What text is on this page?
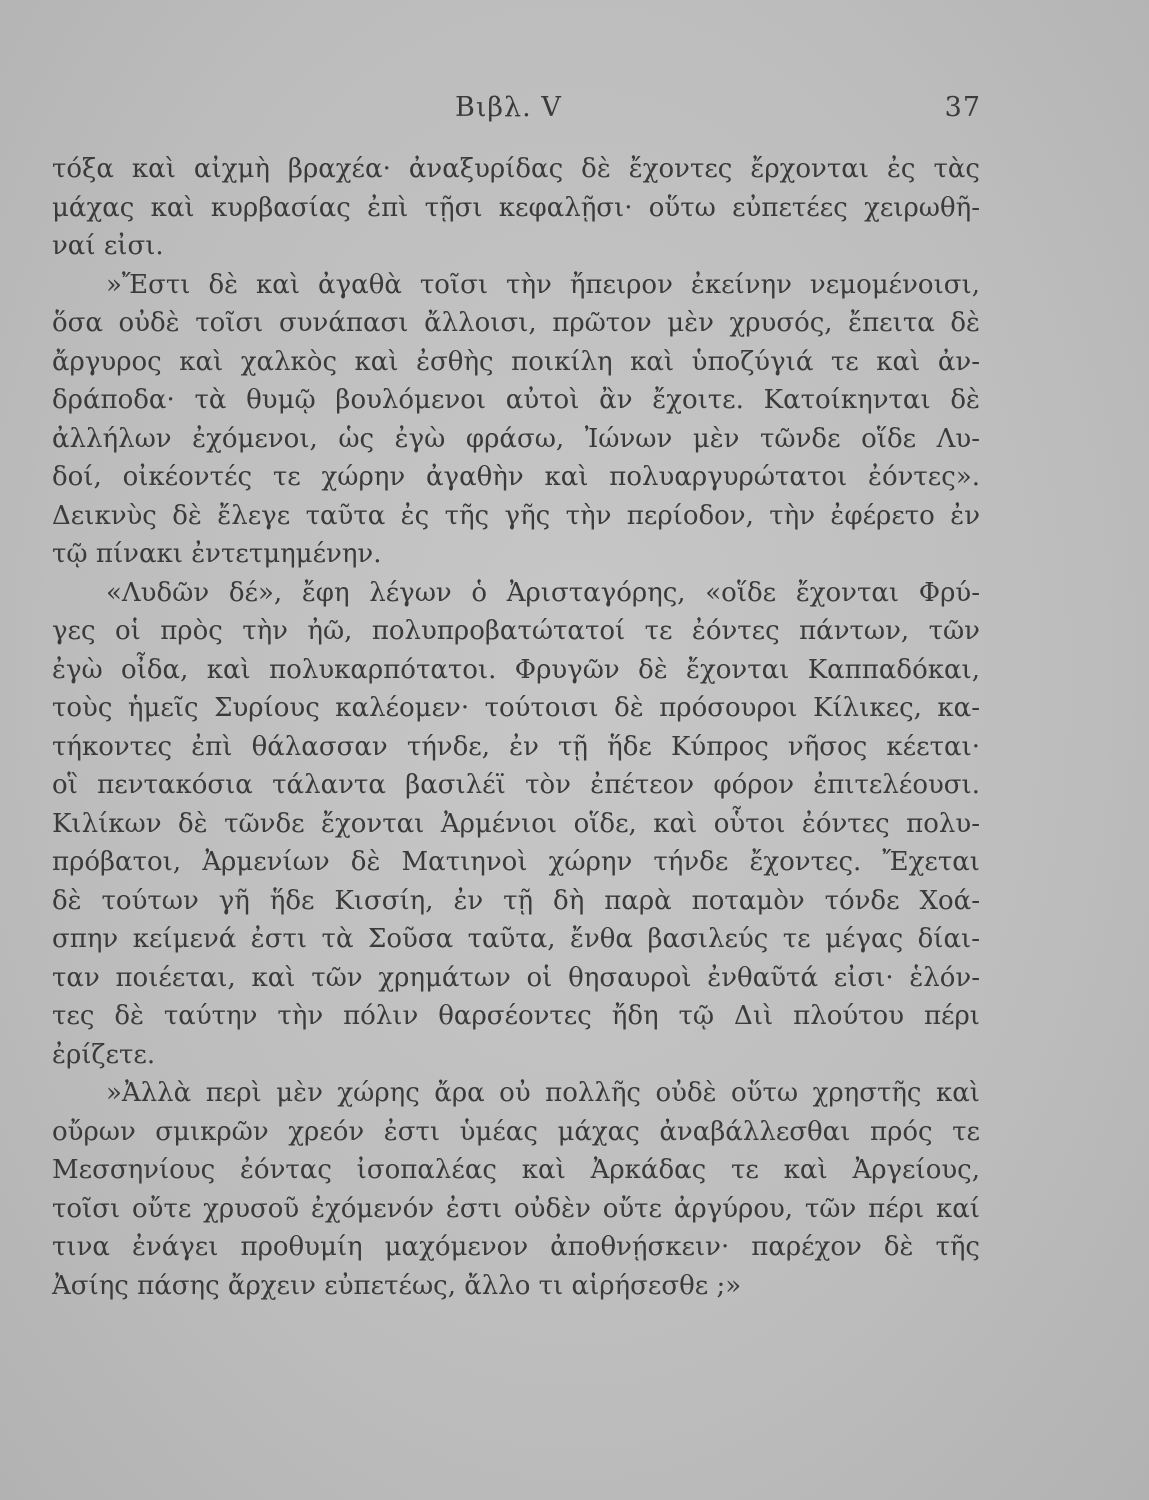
Βιβλ. V	37
τόξα καὶ αἰχμὴ βραχέα· ἀναξυρίδας δὲ ἔχοντες ἔρχονται ἐς τὰς
μάχας καὶ κυρβασίας ἐπὶ τῇσι κεφαλῇσι· οὕτω εὐπετέες χειρωθῆ-
ναί εἰσι.
»Ἔστι δὲ καὶ ἀγαθὰ τοῖσι τὴν ἤπειρον ἐκείνην νεμομένοισι,
ὅσα οὐδὲ τοῖσι συνάπασι ἄλλοισι, πρῶτον μὲν χρυσός, ἔπειτα δὲ
ἄργυρος καὶ χαλκὸς καὶ ἐσθὴς ποικίλη καὶ ὑποζύγιά τε καὶ ἀν-
δράποδα· τὰ θυμῷ βουλόμενοι αὐτοὶ ἂν ἔχοιτε. Κατοίκηνται δὲ
ἀλλήλων ἐχόμενοι, ὡς ἐγὼ φράσω, Ἰώνων μὲν τῶνδε οἵδε Λυ-
δοί, οἰκέοντές τε χώρην ἀγαθὴν καὶ πολυαργυρώτατοι ἐόντες».
Δεικνὺς δὲ ἔλεγε ταῦτα ἐς τῆς γῆς τὴν περίοδον, τὴν ἐφέρετο ἐν
τῷ πίνακι ἐντετμημένην.
«Λυδῶν δέ», ἔφη λέγων ὁ Ἀρισταγόρης, «οἵδε ἔχονται Φρύ-
γες οἱ πρὸς τὴν ἠῶ, πολυπροβατώτατοί τε ἐόντες πάντων, τῶν
ἐγὼ οἶδα, καὶ πολυκαρπότατοι. Φρυγῶν δὲ ἔχονται Καππαδόκαι,
τοὺς ἡμεῖς Συρίους καλέομεν· τούτοισι δὲ πρόσουροι Κίλικες, κα-
τήκοντες ἐπὶ θάλασσαν τήνδε, ἐν τῇ ἥδε Κύπρος νῆσος κέεται·
οἳ πεντακόσια τάλαντα βασιλέϊ τὸν ἐπέτεον φόρον ἐπιτελέουσι.
Κιλίκων δὲ τῶνδε ἔχονται Ἀρμένιοι οἵδε, καὶ οὗτοι ἐόντες πολυ-
πρόβατοι, Ἀρμενίων δὲ Ματιηνοὶ χώρην τήνδε ἔχοντες. Ἔχεται
δὲ τούτων γῆ ἥδε Κισσίη, ἐν τῇ δὴ παρὰ ποταμὸν τόνδε Χοά-
σπην κείμενά ἐστι τὰ Σοῦσα ταῦτα, ἔνθα βασιλεύς τε μέγας δίαι-
ταν ποιέεται, καὶ τῶν χρημάτων οἱ θησαυροὶ ἐνθαῦτά εἰσι· ἑλόν-
τες δὲ ταύτην τὴν πόλιν θαρσέοντες ἤδη τῷ Διὶ πλούτου πέρι
ἐρίζετε.
»Ἀλλὰ περὶ μὲν χώρης ἄρα οὐ πολλῆς οὐδὲ οὕτω χρηστῆς καὶ
οὔρων σμικρῶν χρεόν ἐστι ὑμέας μάχας ἀναβάλλεσθαι πρός τε
Μεσσηνίους ἐόντας ἰσοπαλέας καὶ Ἀρκάδας τε καὶ Ἀργείους,
τοῖσι οὔτε χρυσοῦ ἐχόμενόν ἐστι οὐδὲν οὔτε ἀργύρου, τῶν πέρι καί
τινα ἐνάγει προθυμίη μαχόμενον ἀποθνῄσκειν· παρέχον δὲ τῆς
Ἀσίης πάσης ἄρχειν εὐπετέως, ἄλλο τι αἱρήσεσθε ;»
